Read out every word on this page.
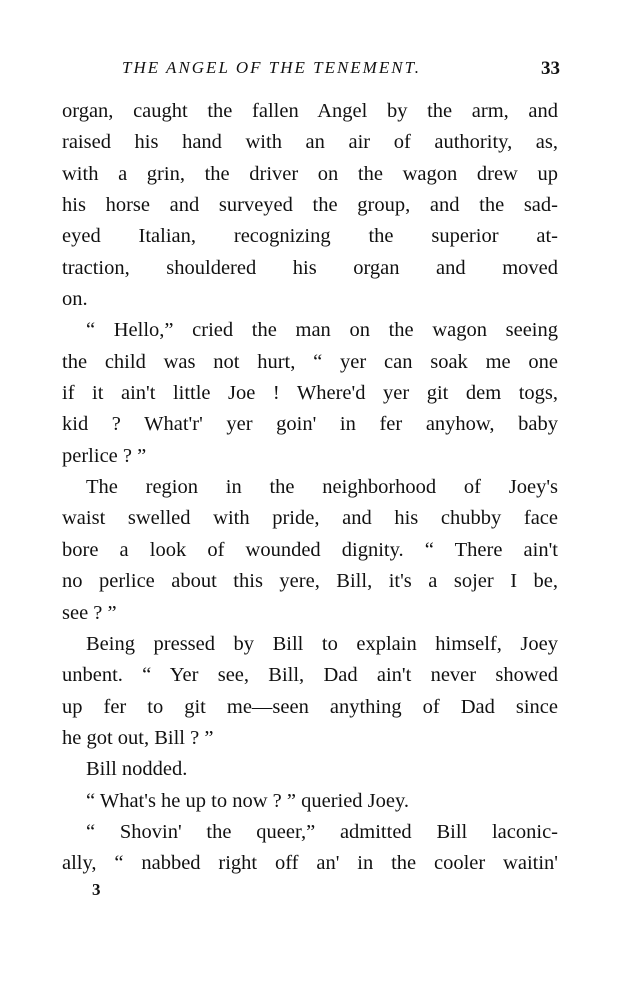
THE ANGEL OF THE TENEMENT.	33
organ, caught the fallen Angel by the arm, and
raised his hand with an air of authority, as,
with a grin, the driver on the wagon drew up
his horse and surveyed the group, and the sad-
eyed Italian, recognizing the superior at-
traction, shouldered his organ and moved
on.
“ Hello,” cried the man on the wagon seeing
the child was not hurt, “ yer can soak me one
if it ain't little Joe ! Where'd yer git dem togs,
kid ? What'r' yer goin' in fer anyhow, baby
perlice ? ”
The region in the neighborhood of Joey's
waist swelled with pride, and his chubby face
bore a look of wounded dignity. “ There ain't
no perlice about this yere, Bill, it's a sojer I be,
see ? ”
Being pressed by Bill to explain himself, Joey
unbent. “ Yer see, Bill, Dad ain't never showed
up fer to git me—seen anything of Dad since
he got out, Bill ? ”
Bill nodded.
“ What's he up to now ? ” queried Joey.
“ Shovin' the queer,” admitted Bill laconic-
ally, “ nabbed right off an' in the cooler waitin'
3
